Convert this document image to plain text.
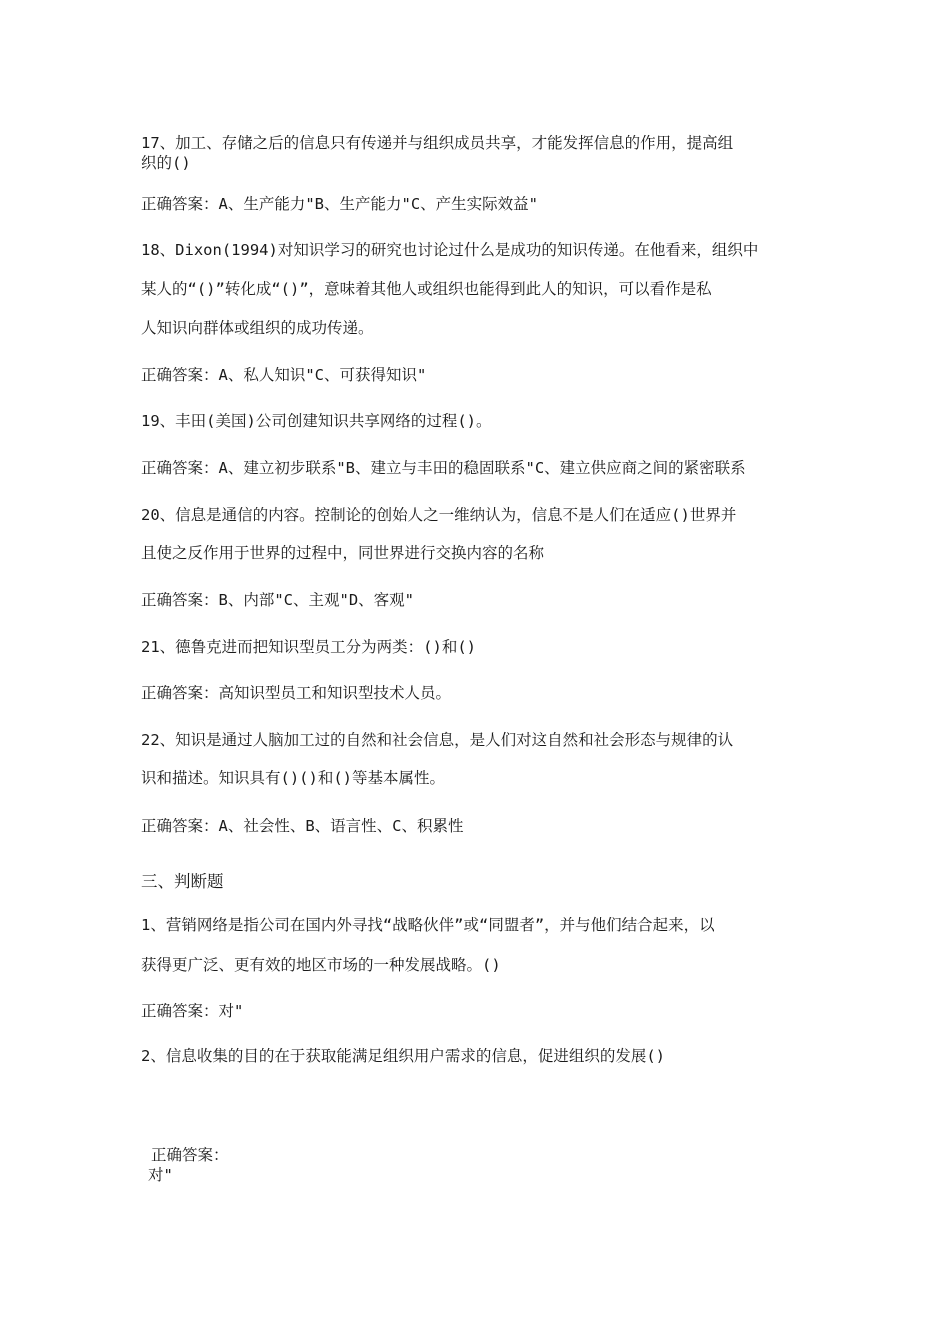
17、加工、存储之后的信息只有传递并与组织成员共享，才能发挥信息的作用，提高组
织的()
正确答案：A、生产能力"B、生产能力"C、产生实际效益"
18、Dixon(1994)对知识学习的研究也讨论过什么是成功的知识传递。在他看来，组织中
某人的“()”转化成“()”，意味着其他人或组织也能得到此人的知识，可以看作是私
人知识向群体或组织的成功传递。
正确答案：A、私人知识"C、可获得知识"
19、丰田(美国)公司创建知识共享网络的过程()。
正确答案：A、建立初步联系"B、建立与丰田的稳固联系"C、建立供应商之间的紧密联系
20、信息是通信的内容。控制论的创始人之一维纳认为，信息不是人们在适应()世界并
且使之反作用于世界的过程中，同世界进行交换内容的名称
正确答案：B、内部"C、主观"D、客观"
21、德鲁克进而把知识型员工分为两类：()和()
正确答案：高知识型员工和知识型技术人员。
22、知识是通过人脑加工过的自然和社会信息，是人们对这自然和社会形态与规律的认
识和描述。知识具有()()和()等基本属性。
正确答案：A、社会性、B、语言性、C、积累性
三、判断题
1、营销网络是指公司在国内外寻找“战略伙伴”或“同盟者”，并与他们结合起来，以
获得更广泛、更有效的地区市场的一种发展战略。()
正确答案：对"
2、信息收集的目的在于获取能满足组织用户需求的信息，促进组织的发展()
正确答案：
对"
